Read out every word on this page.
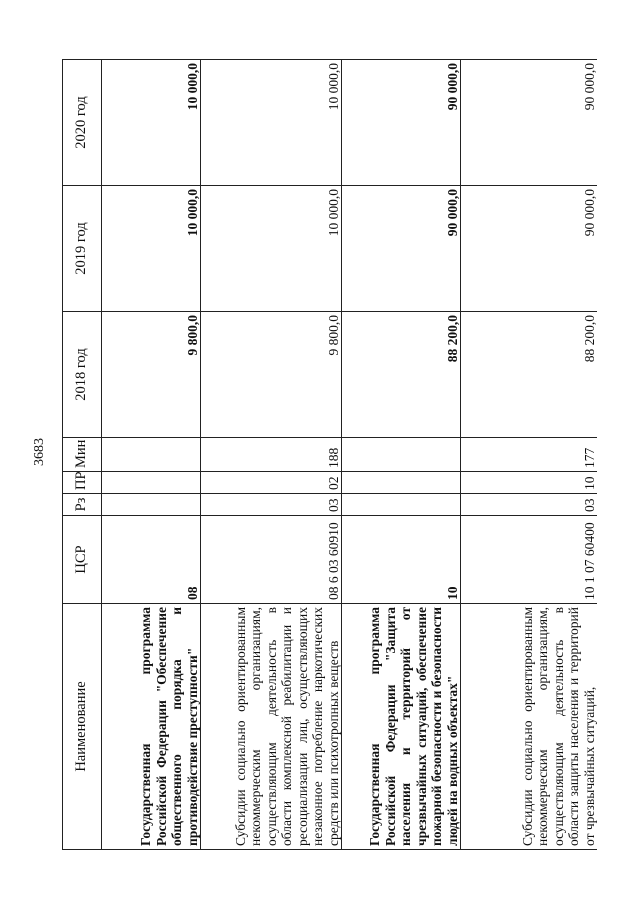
3683
Наименование	ЦСР	Рз	ПР	Мин	2018 год	2019 год	2020 год
Государственная программа Российской Федерации "Обеспечение общественного порядка и противодействие преступности"	08				9 800,0	10 000,0	10 000,0
Субсидии социально ориентированным некоммерческим организациям, осуществляющим деятельность в области комплексной реабилитации и ресоциализации лиц, осуществляющих незаконное потребление наркотических средств или психотропных веществ	08 6 03 60910	03	02	188	9 800,0	10 000,0	10 000,0
Государственная программа Российской Федерации "Защита населения и территорий от чрезвычайных ситуаций, обеспечение пожарной безопасности и безопасности людей на водных объектах"	10				88 200,0	90 000,0	90 000,0
Субсидии социально ориентированным некоммерческим организациям, осуществляющим деятельность в области защиты населения и территорий от чрезвычайных ситуаций,	10 1 07 60400	03	10	177	88 200,0	90 000,0	90 000,0
